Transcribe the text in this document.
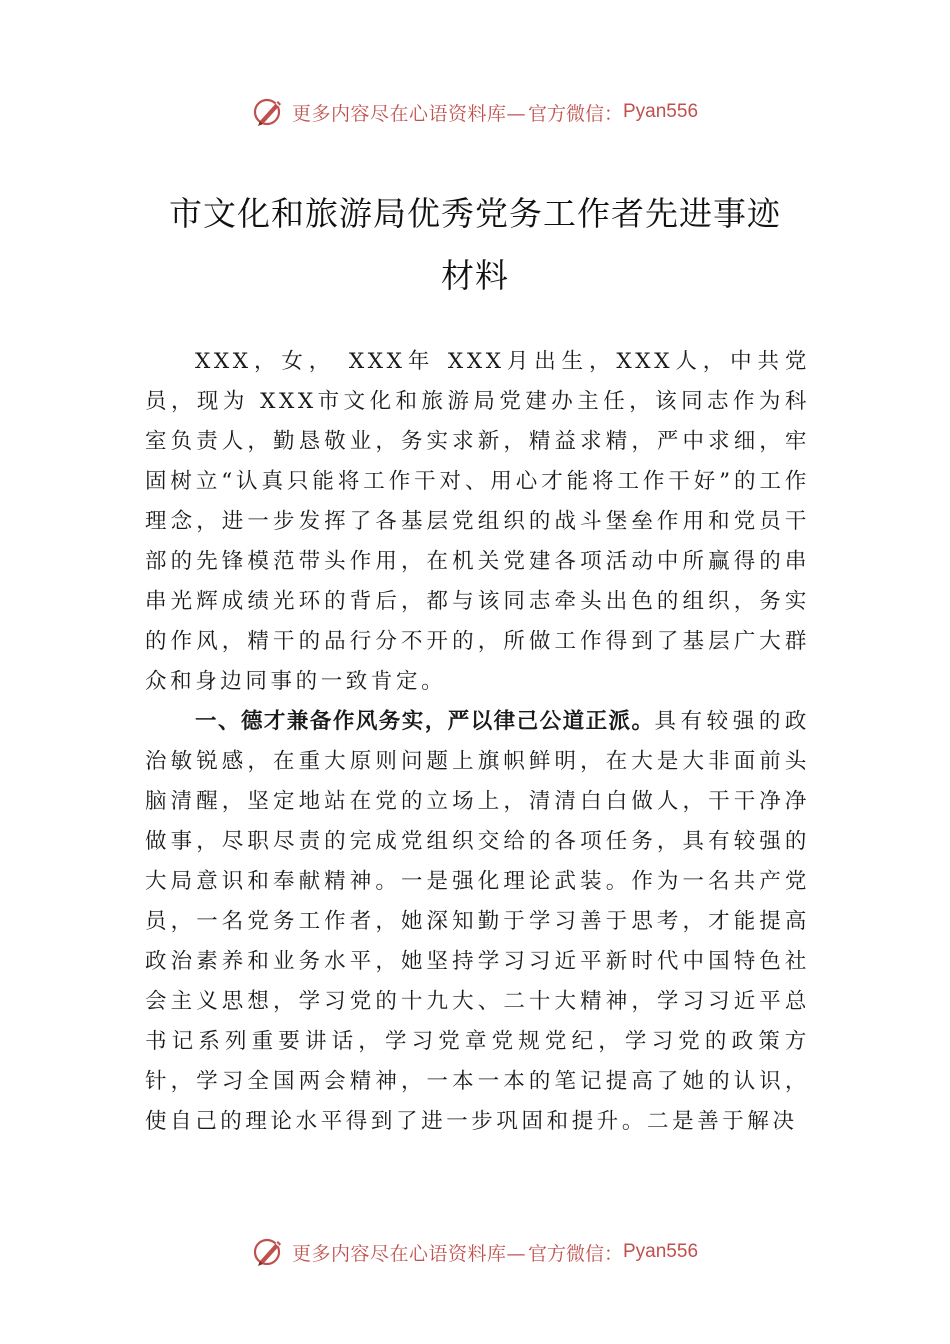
更多内容尽在心语资料库— 官方微信： Pyan556
市文化和旅游局优秀党务工作者先进事迹
材料

XXX，女， XXX年 XXX月出生，XXX人，中共党员，现为 XXX市文化和旅游局党建办主任，该同志作为科室负责人，勤恳敬业，务实求新，精益求精，严中求细，牢固树立“认真只能将工作干对、用心才能将工作干好”的工作理念，进一步发挥了各基层党组织的战斗堡垒作用和党员干部的先锋模范带头作用，在机关党建各项活动中所赢得的串串光辉成绩光环的背后，都与该同志牵头出色的组织，务实的作风，精干的品行分不开的，所做工作得到了基层广大群众和身边同事的一致肯定。

一、德才兼备作风务实，严以律己公道正派。具有较强的政治敏锐感，在重大原则问题上旗帜鲜明，在大是大非面前头脑清醒，坚定地站在党的立场上，清清白白做人，干干净净做事，尽职尽责的完成党组织交给的各项任务，具有较强的大局意识和奉献精神。一是强化理论武装。作为一名共产党员，一名党务工作者，她深知勤于学习善于思考，才能提高政治素养和业务水平，她坚持学习习近平新时代中国特色社会主义思想，学习党的十九大、二十大精神，学习习近平总书记系列重要讲话，学习党章党规党纪，学习党的政策方针，学习全国两会精神，一本一本的笔记提高了她的认识，使自己的理论水平得到了进一步巩固和提升。二是善于解决

更多内容尽在心语资料库— 官方微信： Pyan556
